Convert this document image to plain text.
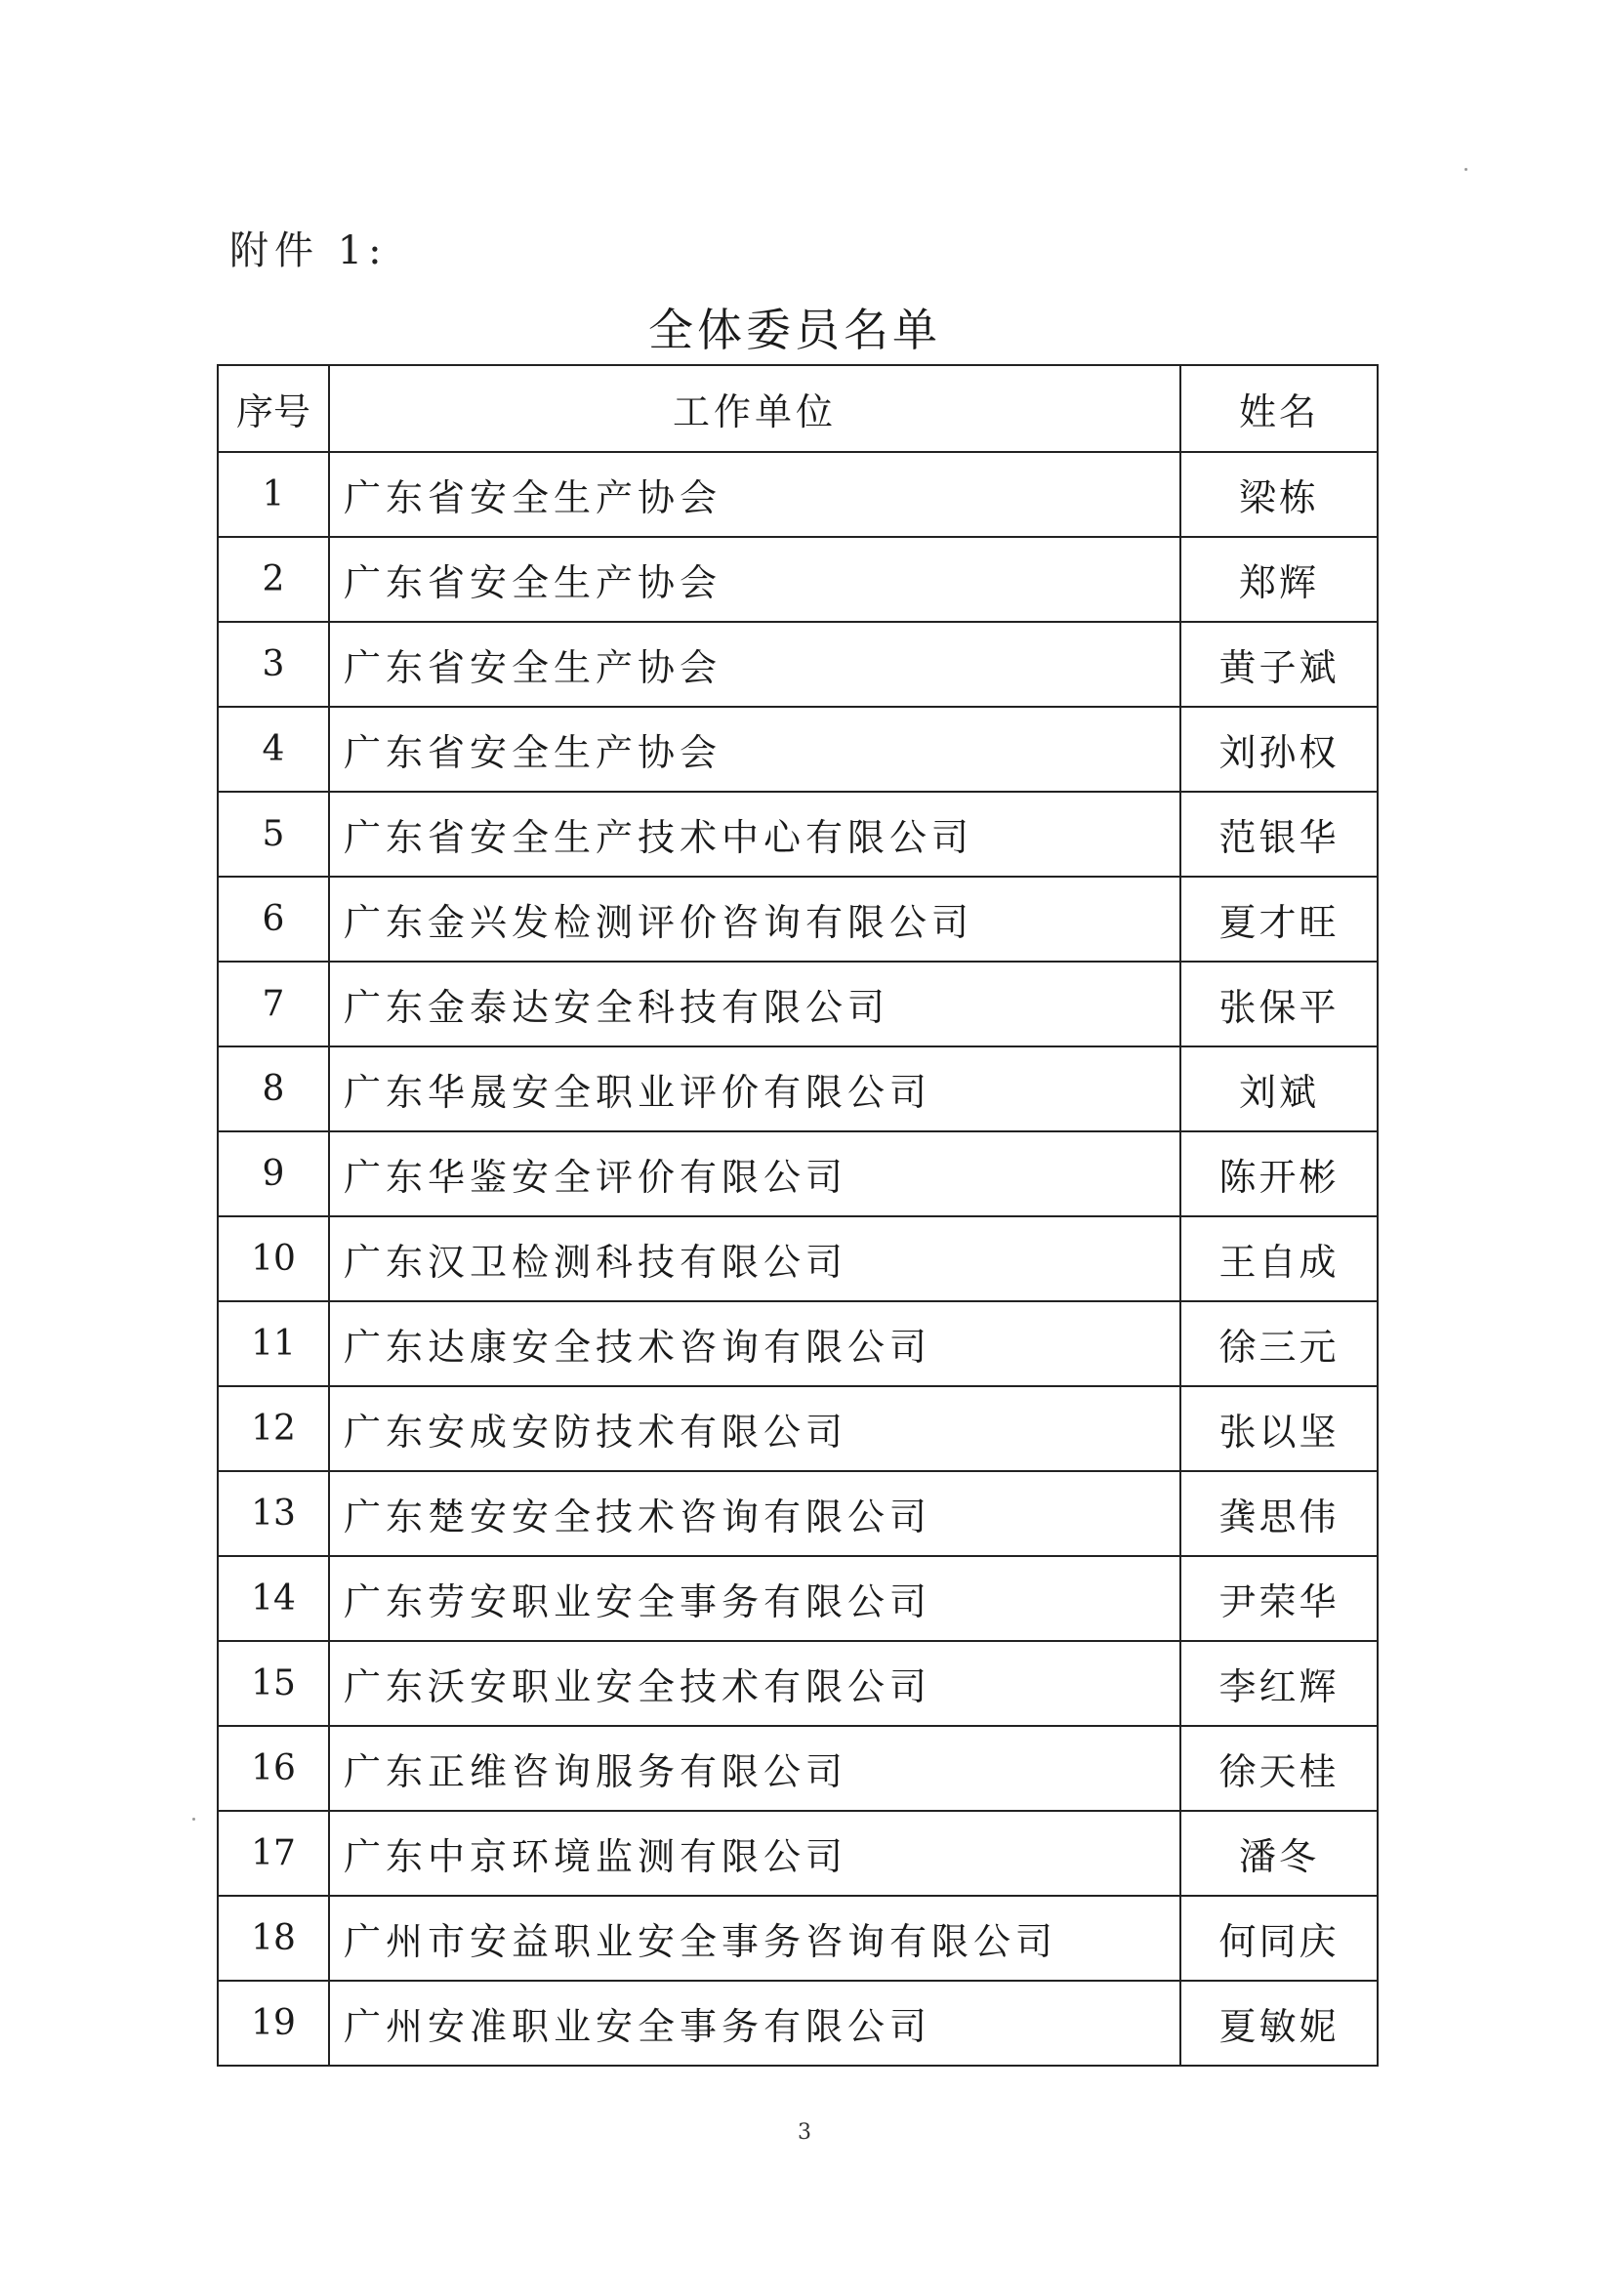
附件 1:
全体委员名单
序号	工作单位	姓名
1	广东省安全生产协会	梁栋
2	广东省安全生产协会	郑辉
3	广东省安全生产协会	黄子斌
4	广东省安全生产协会	刘孙权
5	广东省安全生产技术中心有限公司	范银华
6	广东金兴发检测评价咨询有限公司	夏才旺
7	广东金泰达安全科技有限公司	张保平
8	广东华晟安全职业评价有限公司	刘斌
9	广东华鉴安全评价有限公司	陈开彬
10	广东汉卫检测科技有限公司	王自成
11	广东达康安全技术咨询有限公司	徐三元
12	广东安成安防技术有限公司	张以坚
13	广东楚安安全技术咨询有限公司	龚思伟
14	广东劳安职业安全事务有限公司	尹荣华
15	广东沃安职业安全技术有限公司	李红辉
16	广东正维咨询服务有限公司	徐天桂
17	广东中京环境监测有限公司	潘冬
18	广州市安益职业安全事务咨询有限公司	何同庆
19	广州安准职业安全事务有限公司	夏敏妮
3
